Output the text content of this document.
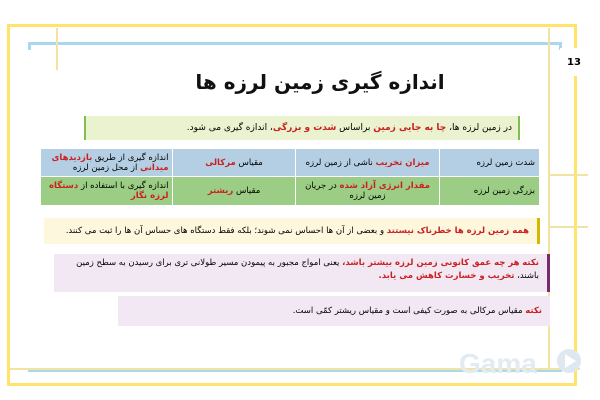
13
اندازه گیری زمین لرزه ها
در زمین لرزه ها، چا به جایی زمین براساس شدت و بزرگی، اندازه گیری می شود.
شدت زمین لرزه	میزان تخریب ناشی از زمین لرزه	مقیاس مرکالی	اندازه گیری از طریق بازدیدهای میدانی از محل زمین لرزه
بزرگی زمین لرزه	مقدار انرژی آزاد شده در جریان زمین لرزه	مقیاس ریشتر	اندازه گیری با استفاده از دستگاه لرزه نگار
همه زمین لرزه ها خطرناک نیستند و بعضی از آن ها احساس نمی شوند؛ بلکه فقط دستگاه های حساس آن ها را ثبت می کنند.
نکته هر چه عمق کانونی زمین لرزه بیشتر باشد، یعنی امواج مجبور به پیمودن مسیر طولانی تری برای رسیدن به سطح زمین باشند، تخریب و خسارت کاهش می یابد.
نکته مقیاس مرکالی به صورت کیفی است و مقیاس ریشتر کمّی است.
Gama
